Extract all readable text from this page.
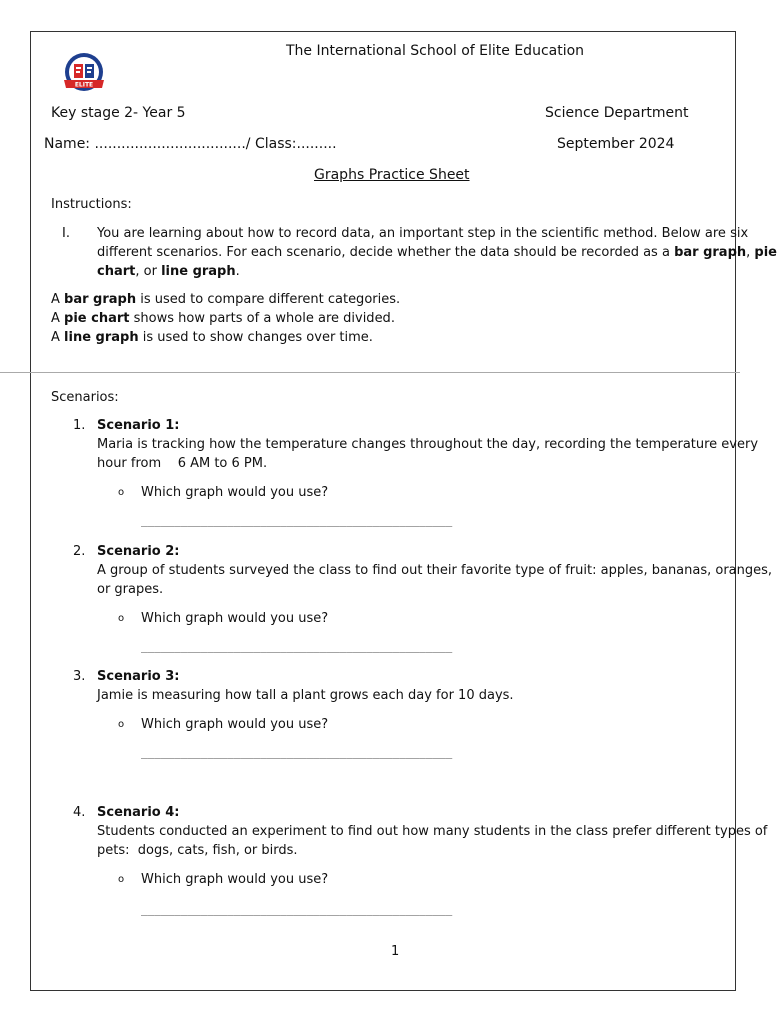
ELITE
The International School of Elite Education
Key stage 2- Year 5	Science Department
Name: ................................../ Class:.........	September 2024
Graphs Practice Sheet
Instructions:
I. You are learning about how to record data, an important step in the scientific method. Below are six
different scenarios. For each scenario, decide whether the data should be recorded as a bar graph, pie
chart, or line graph.
A bar graph is used to compare different categories.
A pie chart shows how parts of a whole are divided.
A line graph is used to show changes over time.
Scenarios:
1. Scenario 1:
Maria is tracking how the temperature changes throughout the day, recording the temperature every
hour from    6 AM to 6 PM.
o Which graph would you use?
_______________________________________________
2. Scenario 2:
A group of students surveyed the class to find out their favorite type of fruit: apples, bananas, oranges,
or grapes.
o Which graph would you use?
_______________________________________________
3. Scenario 3:
Jamie is measuring how tall a plant grows each day for 10 days.
o Which graph would you use?
_______________________________________________
4. Scenario 4:
Students conducted an experiment to find out how many students in the class prefer different types of
pets:  dogs, cats, fish, or birds.
o Which graph would you use?
_______________________________________________
1
